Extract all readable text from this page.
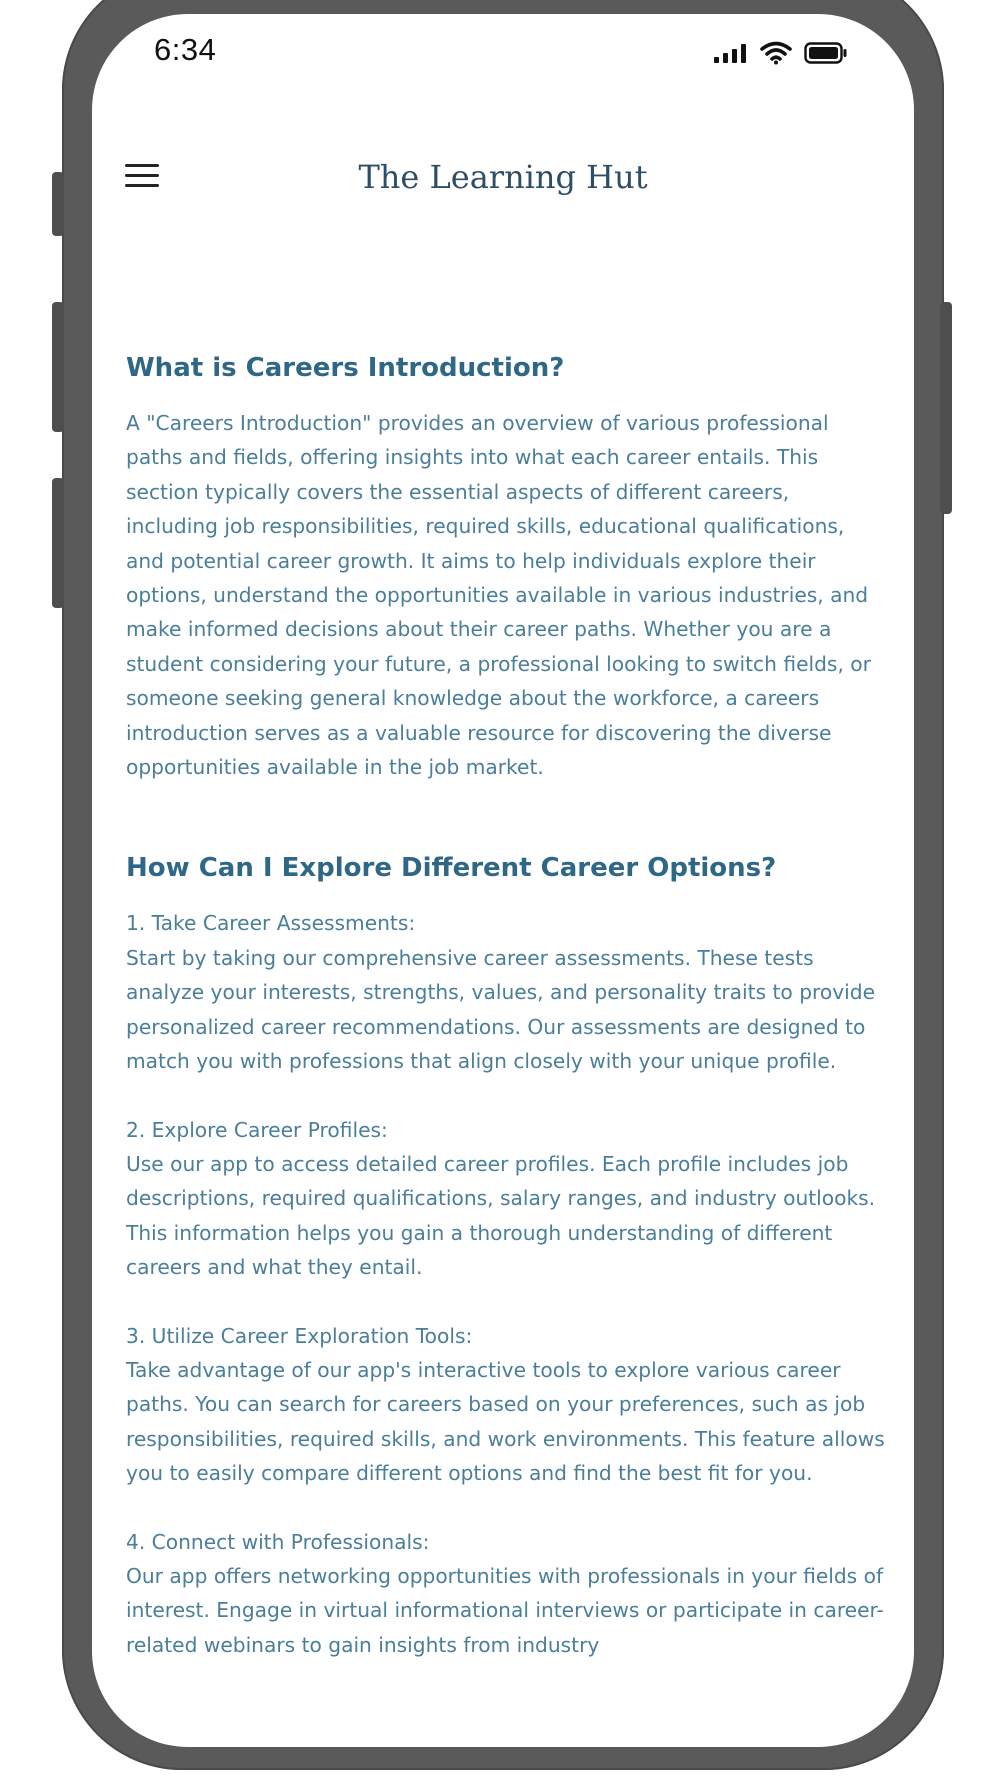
6:34
The Learning Hut
What is Careers Introduction?

A "Careers Introduction" provides an overview of various professional paths and fields, offering insights into what each career entails. This section typically covers the essential aspects of different careers, including job responsibilities, required skills, educational qualifications, and potential career growth. It aims to help individuals explore their options, understand the opportunities available in various industries, and make informed decisions about their career paths. Whether you are a student considering your future, a professional looking to switch fields, or someone seeking general knowledge about the workforce, a careers introduction serves as a valuable resource for discovering the diverse opportunities available in the job market.

How Can I Explore Different Career Options?
1. Take Career Assessments:
Start by taking our comprehensive career assessments. These tests analyze your interests, strengths, values, and personality traits to provide personalized career recommendations. Our assessments are designed to match you with professions that align closely with your unique profile.
2. Explore Career Profiles:
Use our app to access detailed career profiles. Each profile includes job descriptions, required qualifications, salary ranges, and industry outlooks. This information helps you gain a thorough understanding of different careers and what they entail.
3. Utilize Career Exploration Tools:
Take advantage of our app's interactive tools to explore various career paths. You can search for careers based on your preferences, such as job responsibilities, required skills, and work environments. This feature allows you to easily compare different options and find the best fit for you.
4. Connect with Professionals:
Our app offers networking opportunities with professionals in your fields of interest. Engage in virtual informational interviews or participate in career-related webinars to gain insights from industry
